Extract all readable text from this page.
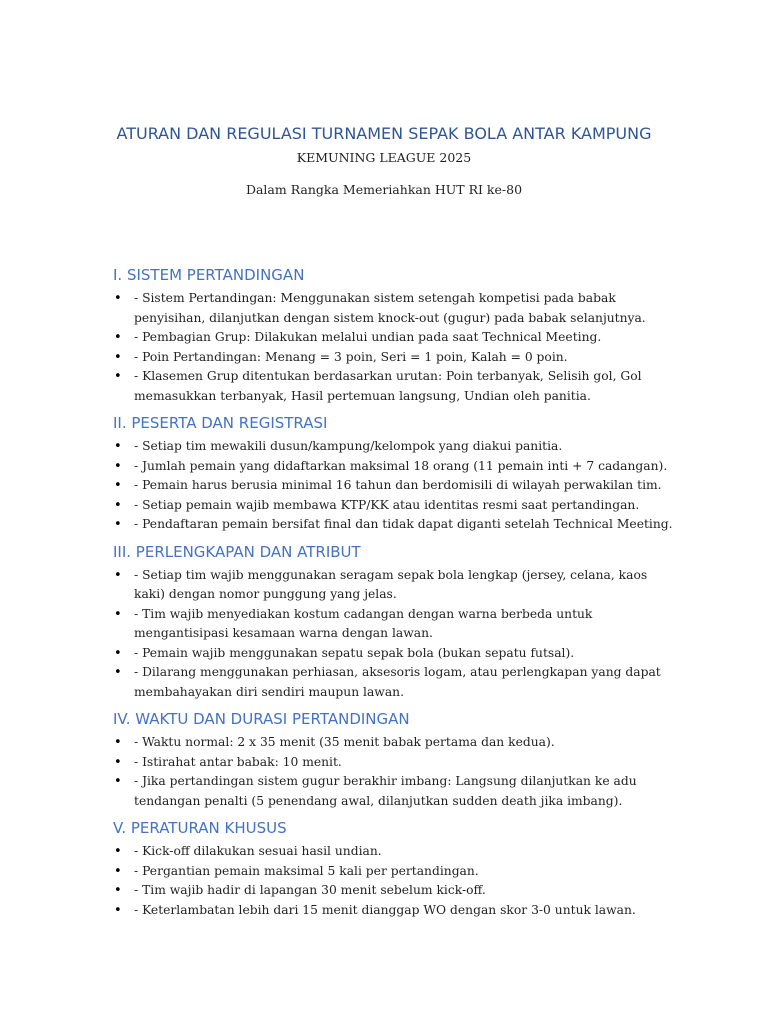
ATURAN DAN REGULASI TURNAMEN SEPAK BOLA ANTAR KAMPUNG
KEMUNING LEAGUE 2025
Dalam Rangka Memeriahkan HUT RI ke-80
I. SISTEM PERTANDINGAN
• - Sistem Pertandingan: Menggunakan sistem setengah kompetisi pada babak penyisihan, dilanjutkan dengan sistem knock-out (gugur) pada babak selanjutnya.
• - Pembagian Grup: Dilakukan melalui undian pada saat Technical Meeting.
• - Poin Pertandingan: Menang = 3 poin, Seri = 1 poin, Kalah = 0 poin.
• - Klasemen Grup ditentukan berdasarkan urutan: Poin terbanyak, Selisih gol, Gol memasukkan terbanyak, Hasil pertemuan langsung, Undian oleh panitia.
II. PESERTA DAN REGISTRASI
• - Setiap tim mewakili dusun/kampung/kelompok yang diakui panitia.
• - Jumlah pemain yang didaftarkan maksimal 18 orang (11 pemain inti + 7 cadangan).
• - Pemain harus berusia minimal 16 tahun dan berdomisili di wilayah perwakilan tim.
• - Setiap pemain wajib membawa KTP/KK atau identitas resmi saat pertandingan.
• - Pendaftaran pemain bersifat final dan tidak dapat diganti setelah Technical Meeting.
III. PERLENGKAPAN DAN ATRIBUT
• - Setiap tim wajib menggunakan seragam sepak bola lengkap (jersey, celana, kaos kaki) dengan nomor punggung yang jelas.
• - Tim wajib menyediakan kostum cadangan dengan warna berbeda untuk mengantisipasi kesamaan warna dengan lawan.
• - Pemain wajib menggunakan sepatu sepak bola (bukan sepatu futsal).
• - Dilarang menggunakan perhiasan, aksesoris logam, atau perlengkapan yang dapat membahayakan diri sendiri maupun lawan.
IV. WAKTU DAN DURASI PERTANDINGAN
• - Waktu normal: 2 x 35 menit (35 menit babak pertama dan kedua).
• - Istirahat antar babak: 10 menit.
• - Jika pertandingan sistem gugur berakhir imbang: Langsung dilanjutkan ke adu tendangan penalti (5 penendang awal, dilanjutkan sudden death jika imbang).
V. PERATURAN KHUSUS
• - Kick-off dilakukan sesuai hasil undian.
• - Pergantian pemain maksimal 5 kali per pertandingan.
• - Tim wajib hadir di lapangan 30 menit sebelum kick-off.
• - Keterlambatan lebih dari 15 menit dianggap WO dengan skor 3-0 untuk lawan.
